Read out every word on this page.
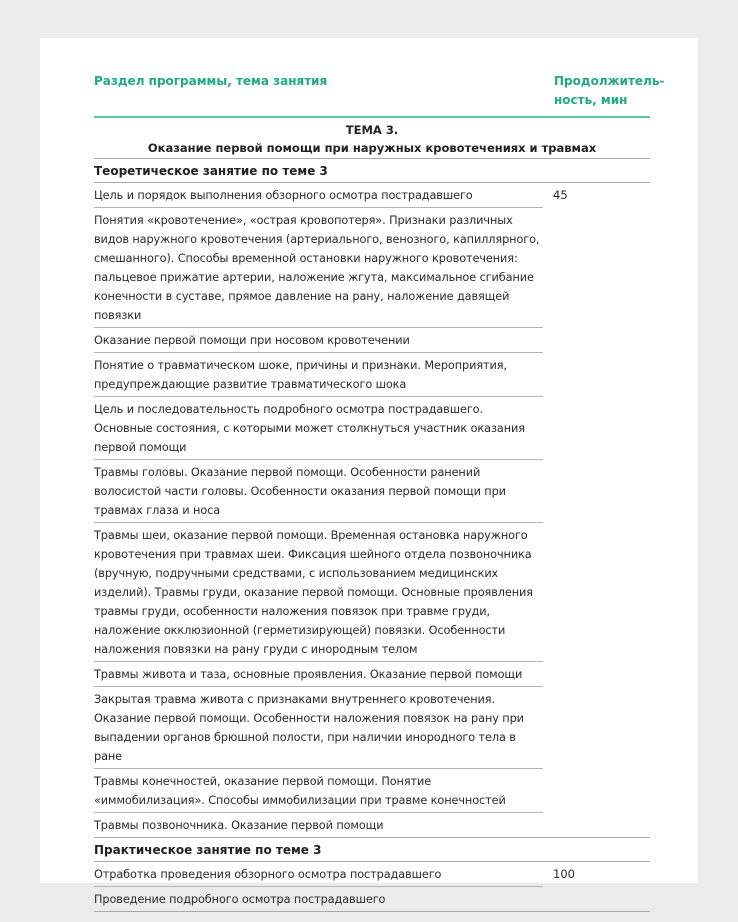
Раздел программы, тема занятия	Продолжитель-
ность, мин
ТЕМА 3.
Оказание первой помощи при наружных кровотечениях и травмах
Теоретическое занятие по теме 3
Цель и порядок выполнения обзорного осмотра пострадавшего	45
Понятия «кровотечение», «острая кровопотеря». Признаки различных видов наружного кровотечения (артериального, венозного, капиллярного, смешанного). Способы временной остановки наружного кровотечения: пальцевое прижатие артерии, наложение жгута, максимальное сгибание конечности в суставе, прямое давление на рану, наложение давящей повязки
Оказание первой помощи при носовом кровотечении
Понятие о травматическом шоке, причины и признаки. Мероприятия, предупреждающие развитие травматического шока
Цель и последовательность подробного осмотра пострадавшего. Основные состояния, с которыми может столкнуться участник оказания первой помощи
Травмы головы. Оказание первой помощи. Особенности ранений волосистой части головы. Особенности оказания первой помощи при травмах глаза и носа
Травмы шеи, оказание первой помощи. Временная остановка наружного кровотечения при травмах шеи. Фиксация шейного отдела позвоночника (вручную, подручными средствами, с использованием медицинских изделий). Травмы груди, оказание первой помощи. Основные проявления травмы груди, особенности наложения повязок при травме груди, наложение окклюзионной (герметизирующей) повязки. Особенности наложения повязки на рану груди с инородным телом
Травмы живота и таза, основные проявления. Оказание первой помощи
Закрытая травма живота с признаками внутреннего кровотечения. Оказание первой помощи. Особенности наложения повязок на рану при выпадении органов брюшной полости, при наличии инородного тела в ране
Травмы конечностей, оказание первой помощи. Понятие «иммобилизация». Способы иммобилизации при травме конечностей
Травмы позвоночника. Оказание первой помощи
Практическое занятие по теме 3
Отработка проведения обзорного осмотра пострадавшего	100
Проведение подробного осмотра пострадавшего
